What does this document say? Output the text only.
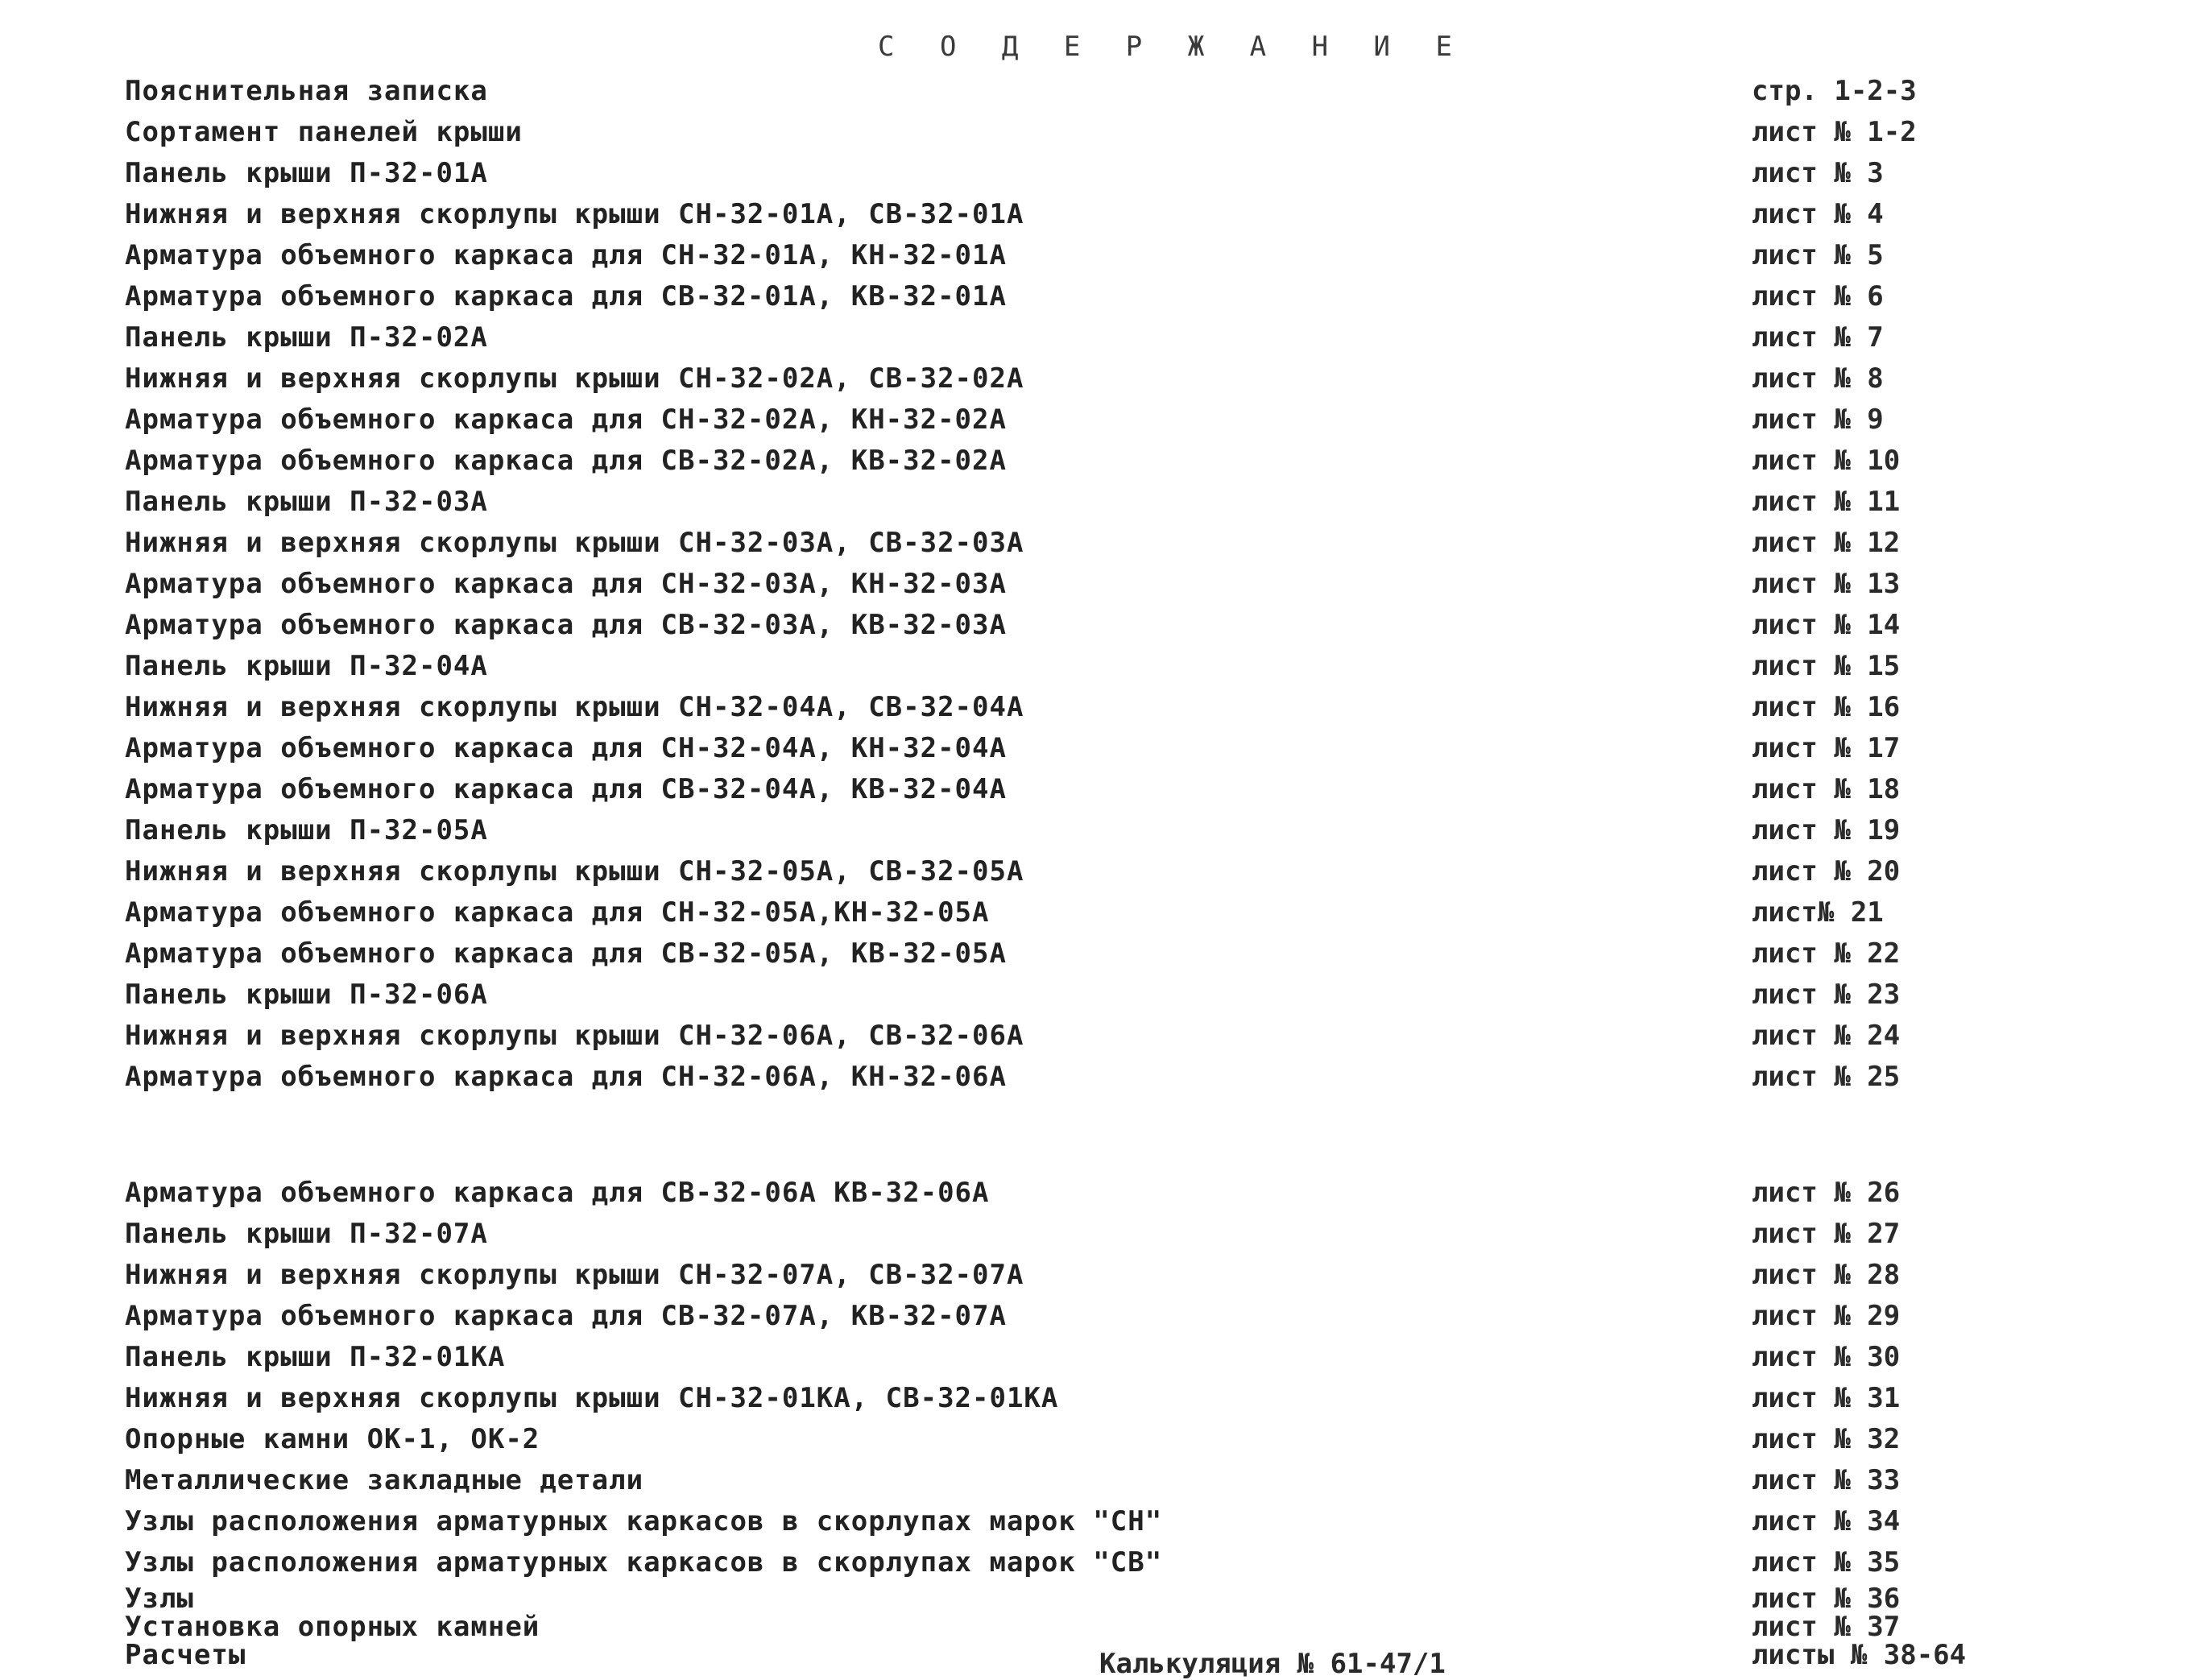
С О Д Е Р Ж А Н И Е
Пояснительная записка	стр. 1-2-3
Сортамент панелей крыши	лист № 1-2
Панель крыши П-32-01А	лист № 3
Нижняя и верхняя скорлупы крыши СН-32-01А, СВ-32-01А	лист № 4
Арматура объемного каркаса для СН-32-01А, КН-32-01А	лист № 5
Арматура объемного каркаса для СВ-32-01А, КВ-32-01А	лист № 6
Панель крыши П-32-02А	лист № 7
Нижняя и верхняя скорлупы крыши СН-32-02А, СВ-32-02А	лист № 8
Арматура объемного каркаса для СН-32-02А, КН-32-02А	лист № 9
Арматура объемного каркаса для СВ-32-02А, КВ-32-02А	лист № 10
Панель крыши П-32-03А	лист № 11
Нижняя и верхняя скорлупы крыши СН-32-03А, СВ-32-03А	лист № 12
Арматура объемного каркаса для СН-32-03А, КН-32-03А	лист № 13
Арматура объемного каркаса для СВ-32-03А, КВ-32-03А	лист № 14
Панель крыши П-32-04А	лист № 15
Нижняя и верхняя скорлупы крыши СН-32-04А, СВ-32-04А	лист № 16
Арматура объемного каркаса для СН-32-04А, КН-32-04А	лист № 17
Арматура объемного каркаса для СВ-32-04А, КВ-32-04А	лист № 18
Панель крыши П-32-05А	лист № 19
Нижняя и верхняя скорлупы крыши СН-32-05А, СВ-32-05А	лист № 20
Арматура объемного каркаса для СН-32-05А,КН-32-05А	лист№ 21
Арматура объемного каркаса для СВ-32-05А, КВ-32-05А	лист № 22
Панель крыши П-32-06А	лист № 23
Нижняя и верхняя скорлупы крыши СН-32-06А, СВ-32-06А	лист № 24
Арматура объемного каркаса для СН-32-06А, КН-32-06А	лист № 25
Арматура объемного каркаса для СВ-32-06А КВ-32-06А	лист № 26
Панель крыши П-32-07А	лист № 27
Нижняя и верхняя скорлупы крыши СН-32-07А, СВ-32-07А	лист № 28
Арматура объемного каркаса для СВ-32-07А, КВ-32-07А	лист № 29
Панель крыши П-32-01КА	лист № 30
Нижняя и верхняя скорлупы крыши СН-32-01КА, СВ-32-01КА	лист № 31
Опорные камни ОК-1, ОК-2	лист № 32
Металлические закладные детали	лист № 33
Узлы расположения арматурных каркасов в скорлупах марок "СН"	лист № 34
Узлы расположения арматурных каркасов в скорлупах марок "СВ"	лист № 35
Узлы	лист № 36
Установка опорных камней	лист № 37
Расчеты	листы № 38-64
Калькуляция № 61-47/1
